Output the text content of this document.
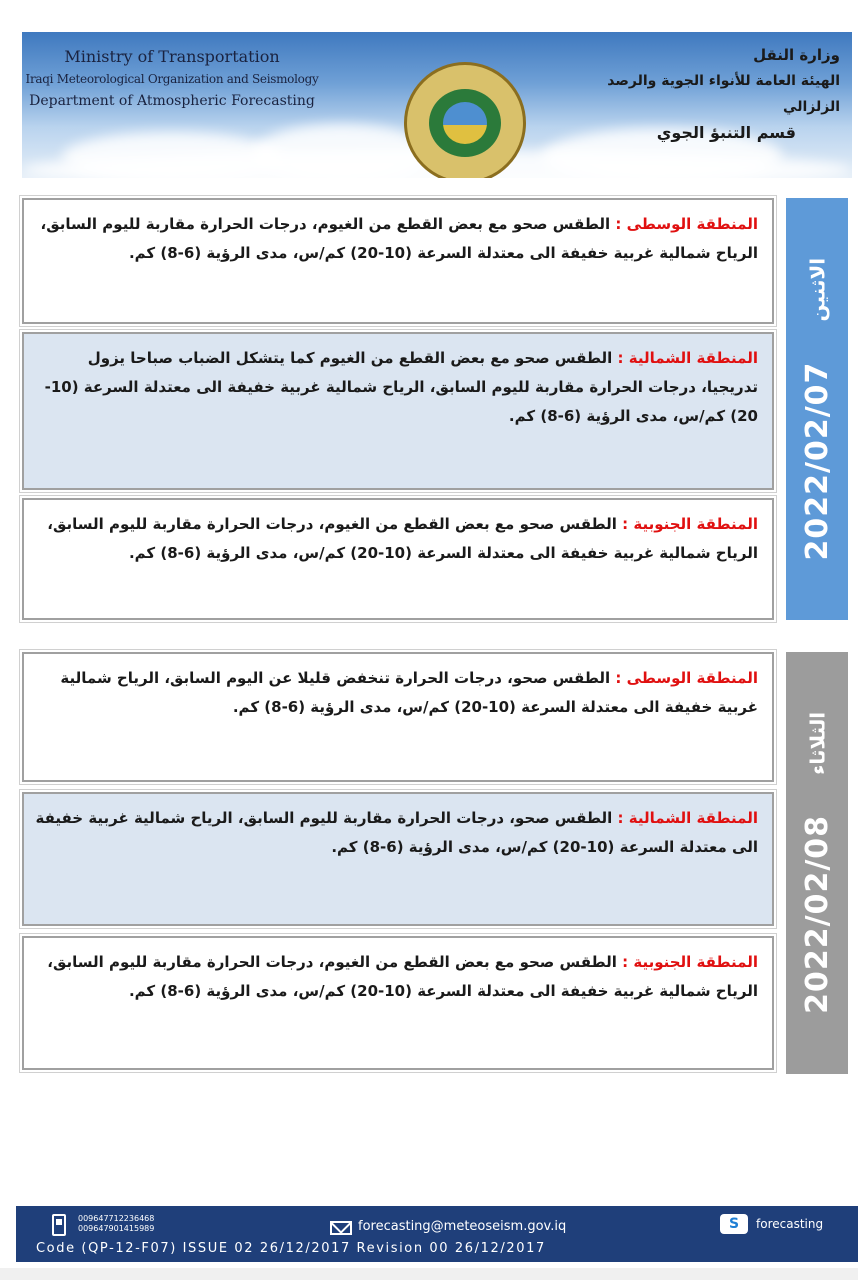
Ministry of Transportation
Iraqi Meteorological Organization and Seismology
Department of Atmospheric Forecasting
وزارة النقل
الهيئة العامة للأنواء الجوية والرصد الزلزالي
قسم التنبؤ الجوي
المنطقة الوسطى : الطقس صحو مع بعض القطع من الغيوم، درجات الحرارة مقاربة لليوم السابق، الرياح شمالية غربية خفيفة الى معتدلة السرعة (10-20) كم/س، مدى الرؤية (6-8) كم.
المنطقة الشمالية : الطقس صحو مع بعض القطع من الغيوم كما يتشكل الضباب صباحا يزول تدريجيا، درجات الحرارة مقاربة لليوم السابق، الرياح شمالية غربية خفيفة الى معتدلة السرعة (10-20) كم/س، مدى الرؤية (6-8) كم.
المنطقة الجنوبية : الطقس صحو مع بعض القطع من الغيوم، درجات الحرارة مقاربة لليوم السابق، الرياح شمالية غربية خفيفة الى معتدلة السرعة (10-20) كم/س، مدى الرؤية (6-8) كم.	2022/02/07
الاثنين
المنطقة الوسطى : الطقس صحو، درجات الحرارة تنخفض قليلا عن اليوم السابق، الرياح شمالية غربية خفيفة الى معتدلة السرعة (10-20) كم/س، مدى الرؤية (6-8) كم.
المنطقة الشمالية : الطقس صحو، درجات الحرارة مقاربة لليوم السابق، الرياح شمالية غربية خفيفة الى معتدلة السرعة (10-20) كم/س، مدى الرؤية (6-8) كم.
المنطقة الجنوبية : الطقس صحو مع بعض القطع من الغيوم، درجات الحرارة مقاربة لليوم السابق، الرياح شمالية غربية خفيفة الى معتدلة السرعة (10-20) كم/س، مدى الرؤية (6-8) كم.	2022/02/08
الثلاثاء
009647712236468
009647901415989	forecasting@meteoseism.gov.iq	S	forecasting
Code (QP-12-F07) ISSUE 02 26/12/2017 Revision 00 26/12/2017
